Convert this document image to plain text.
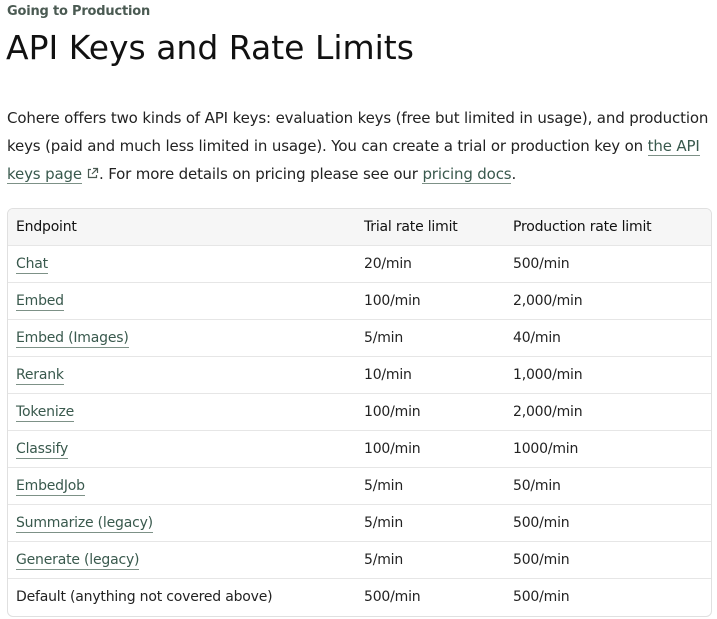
Going to Production
API Keys and Rate Limits

Cohere offers two kinds of API keys: evaluation keys (free but limited in usage), and production keys (paid and much less limited in usage). You can create a trial or production key on the API keys page . For more details on pricing please see our pricing docs.

Endpoint	Trial rate limit	Production rate limit
Chat	20/min	500/min
Embed	100/min	2,000/min
Embed (Images)	5/min	40/min
Rerank	10/min	1,000/min
Tokenize	100/min	2,000/min
Classify	100/min	1000/min
EmbedJob	5/min	50/min
Summarize (legacy)	5/min	500/min
Generate (legacy)	5/min	500/min
Default (anything not covered above)	500/min	500/min
